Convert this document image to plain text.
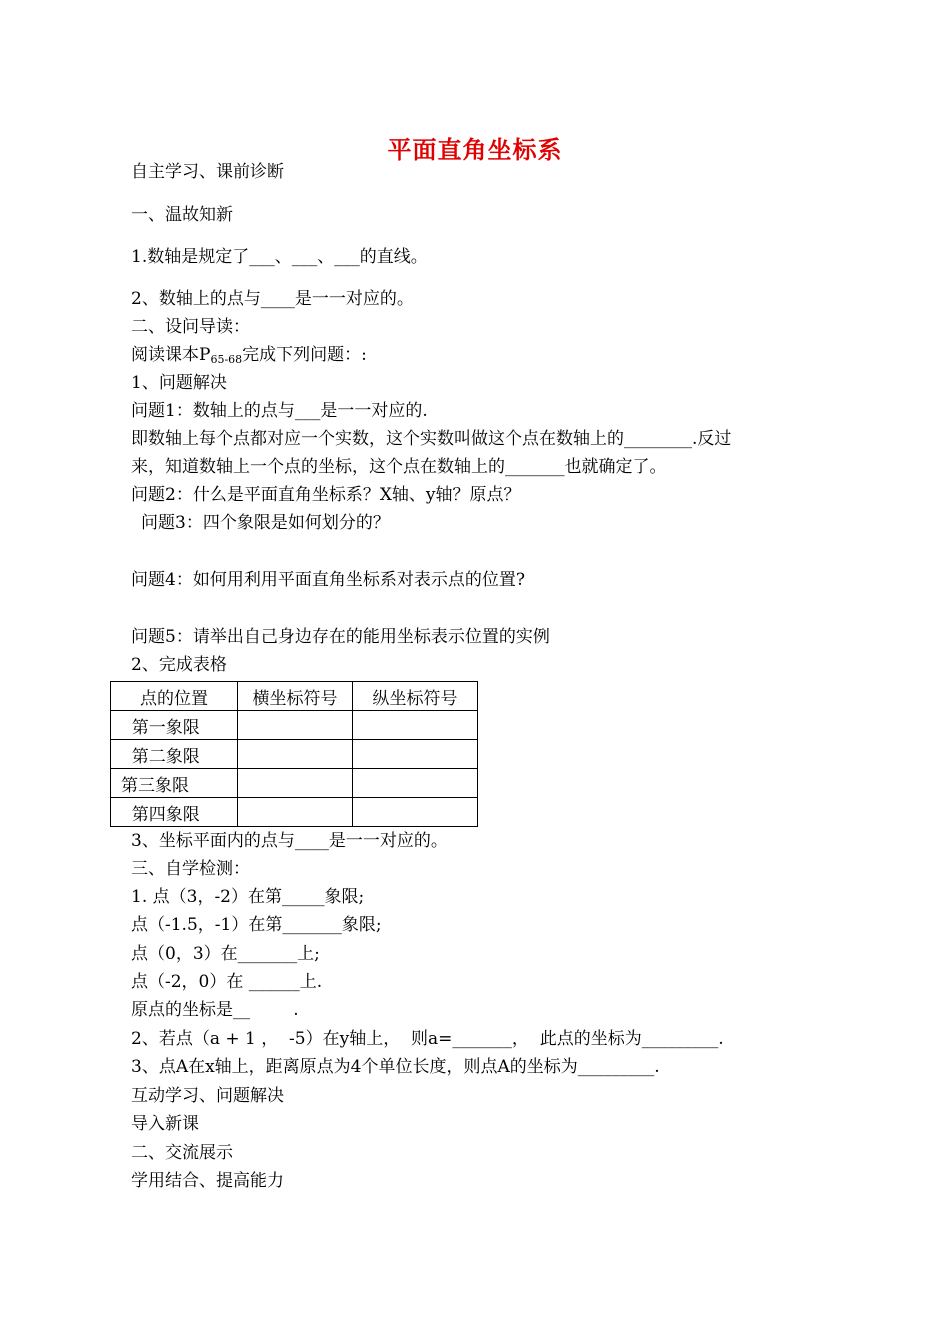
平面直角坐标系
自主学习、课前诊断
一、温故知新
1.数轴是规定了___、___、___的直线。
2、数轴上的点与____是一一对应的。
二、设问导读：
阅读课本$P_{65-68}$完成下列问题：:
1、问题解决
问题1：数轴上的点与___是一一对应的.
即数轴上每个点都对应一个实数，这个实数叫做这个点在数轴上的________.反过
来，知道数轴上一个点的坐标，这个点在数轴上的_______也就确定了。
问题2：什么是平面直角坐标系？X轴、y轴？原点？
问题3：四个象限是如何划分的？
问题4：如何用利用平面直角坐标系对表示点的位置?
问题5：请举出自己身边存在的能用坐标表示位置的实例
2、完成表格
点的位置	横坐标符号	纵坐标符号
第一象限		
第二象限		
第三象限		
第四象限		
3、坐标平面内的点与____是一一对应的。
三、自学检测：
1. 点（3，-2）在第_____象限;
点（-1.5，-1）在第_______象限;
点（0，3）在_______上;
点（-2，0）在 ______上.
原点的坐标是__        .
2、若点（a + 1 ，  -5）在y轴上，  则a=_______，  此点的坐标为_________.
3、点A在x轴上，距离原点为4个单位长度，则点A的坐标为_________.
互动学习、问题解决
导入新课
二、交流展示
学用结合、提高能力
